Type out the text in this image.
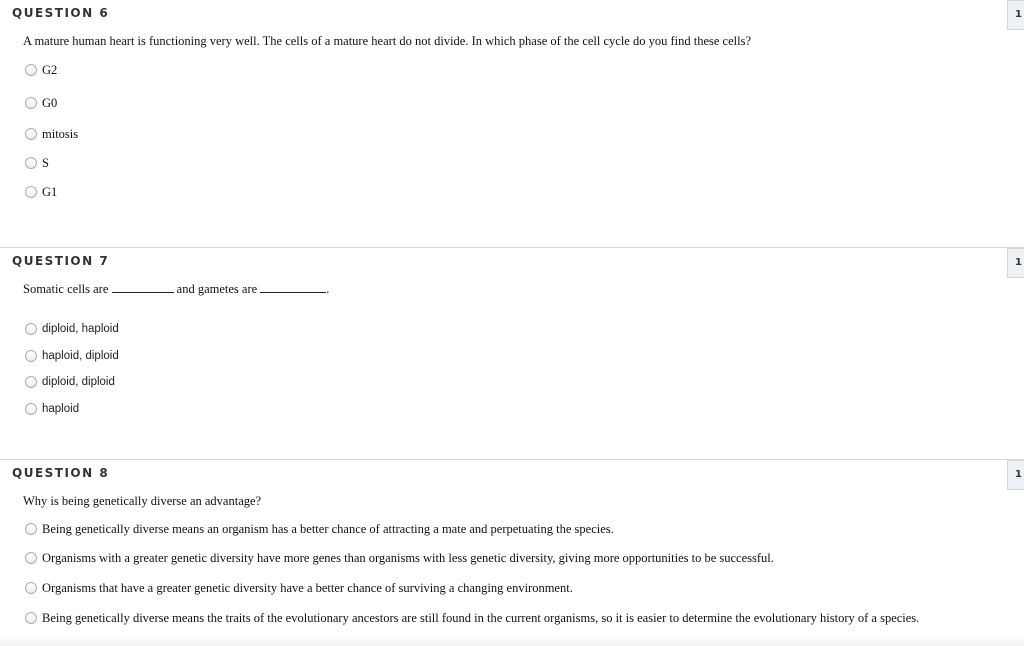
QUESTION 6	1
A mature human heart is functioning very well. The cells of a mature heart do not divide. In which phase of the cell cycle do you find these cells?
G2
G0
mitosis
S
G1
QUESTION 7	1
Somatic cells are	and gametes are	.
diploid, haploid
haploid, diploid
diploid, diploid
haploid
QUESTION 8	1
Why is being genetically diverse an advantage?
Being genetically diverse means an organism has a better chance of attracting a mate and perpetuating the species.
Organisms with a greater genetic diversity have more genes than organisms with less genetic diversity, giving more opportunities to be successful.
Organisms that have a greater genetic diversity have a better chance of surviving a changing environment.
Being genetically diverse means the traits of the evolutionary ancestors are still found in the current organisms, so it is easier to determine the evolutionary history of a species.
